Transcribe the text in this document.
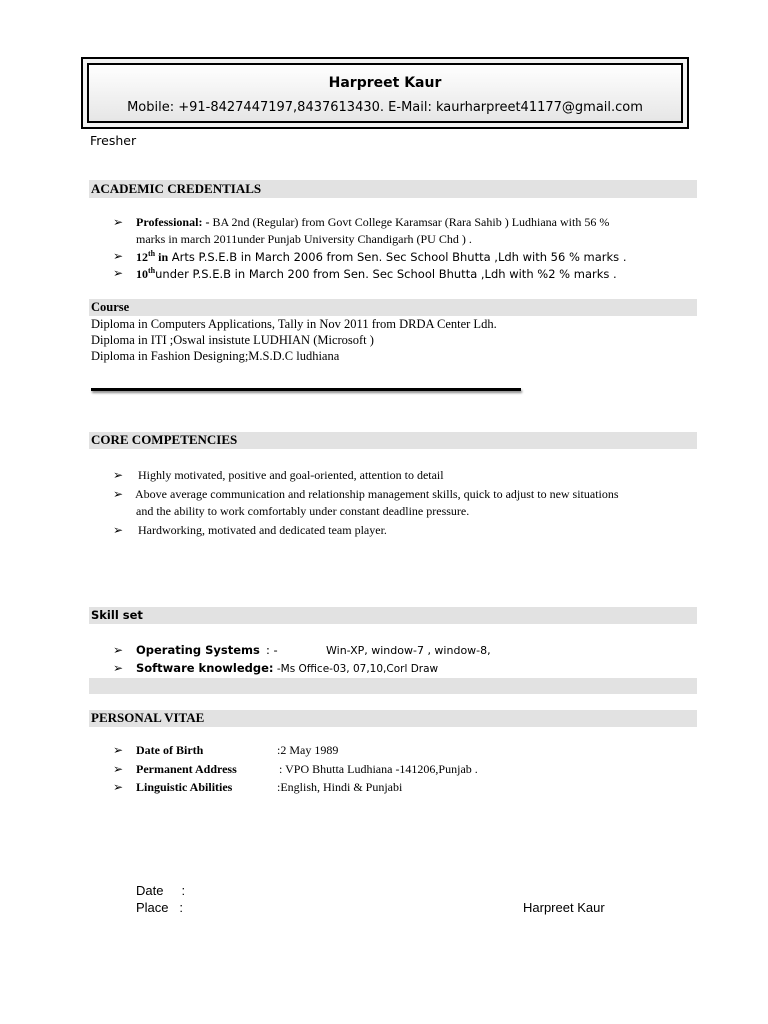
Harpreet Kaur
Mobile: +91-8427447197,8437613430. E-Mail: kaurharpreet41177@gmail.com
Fresher
ACADEMIC CREDENTIALS
➢ Professional: - BA 2nd (Regular) from Govt College Karamsar (Rara Sahib ) Ludhiana with 56 %
marks in march 2011under Punjab University Chandigarh (PU Chd ) .
➢ 12th in Arts P.S.E.B in March 2006 from Sen. Sec School Bhutta ,Ldh with 56 % marks .
➢ 10thunder P.S.E.B in March 200 from Sen. Sec School Bhutta ,Ldh with %2 % marks .
Course
Diploma in Computers Applications, Tally in Nov 2011 from DRDA Center Ldh.
Diploma in ITI ;Oswal insistute LUDHIAN (Microsoft )
Diploma in Fashion Designing;M.S.D.C ludhiana
CORE COMPETENCIES
➢ Highly motivated, positive and goal-oriented, attention to detail
➢ Above average communication and relationship management skills, quick to adjust to new situations
and the ability to work comfortably under constant deadline pressure.
➢ Hardworking, motivated and dedicated team player.
Skill set
➢ Operating Systems : -	Win-XP, window-7 , window-8,
➢ Software knowledge: -Ms Office-03, 07,10,Corl Draw
PERSONAL VITAE
➢ Date of Birth	:2 May 1989
➢ Permanent Address	: VPO Bhutta Ludhiana -141206,Punjab .
➢ Linguistic Abilities	:English, Hindi & Punjabi
Date     :
Place   :	Harpreet Kaur
